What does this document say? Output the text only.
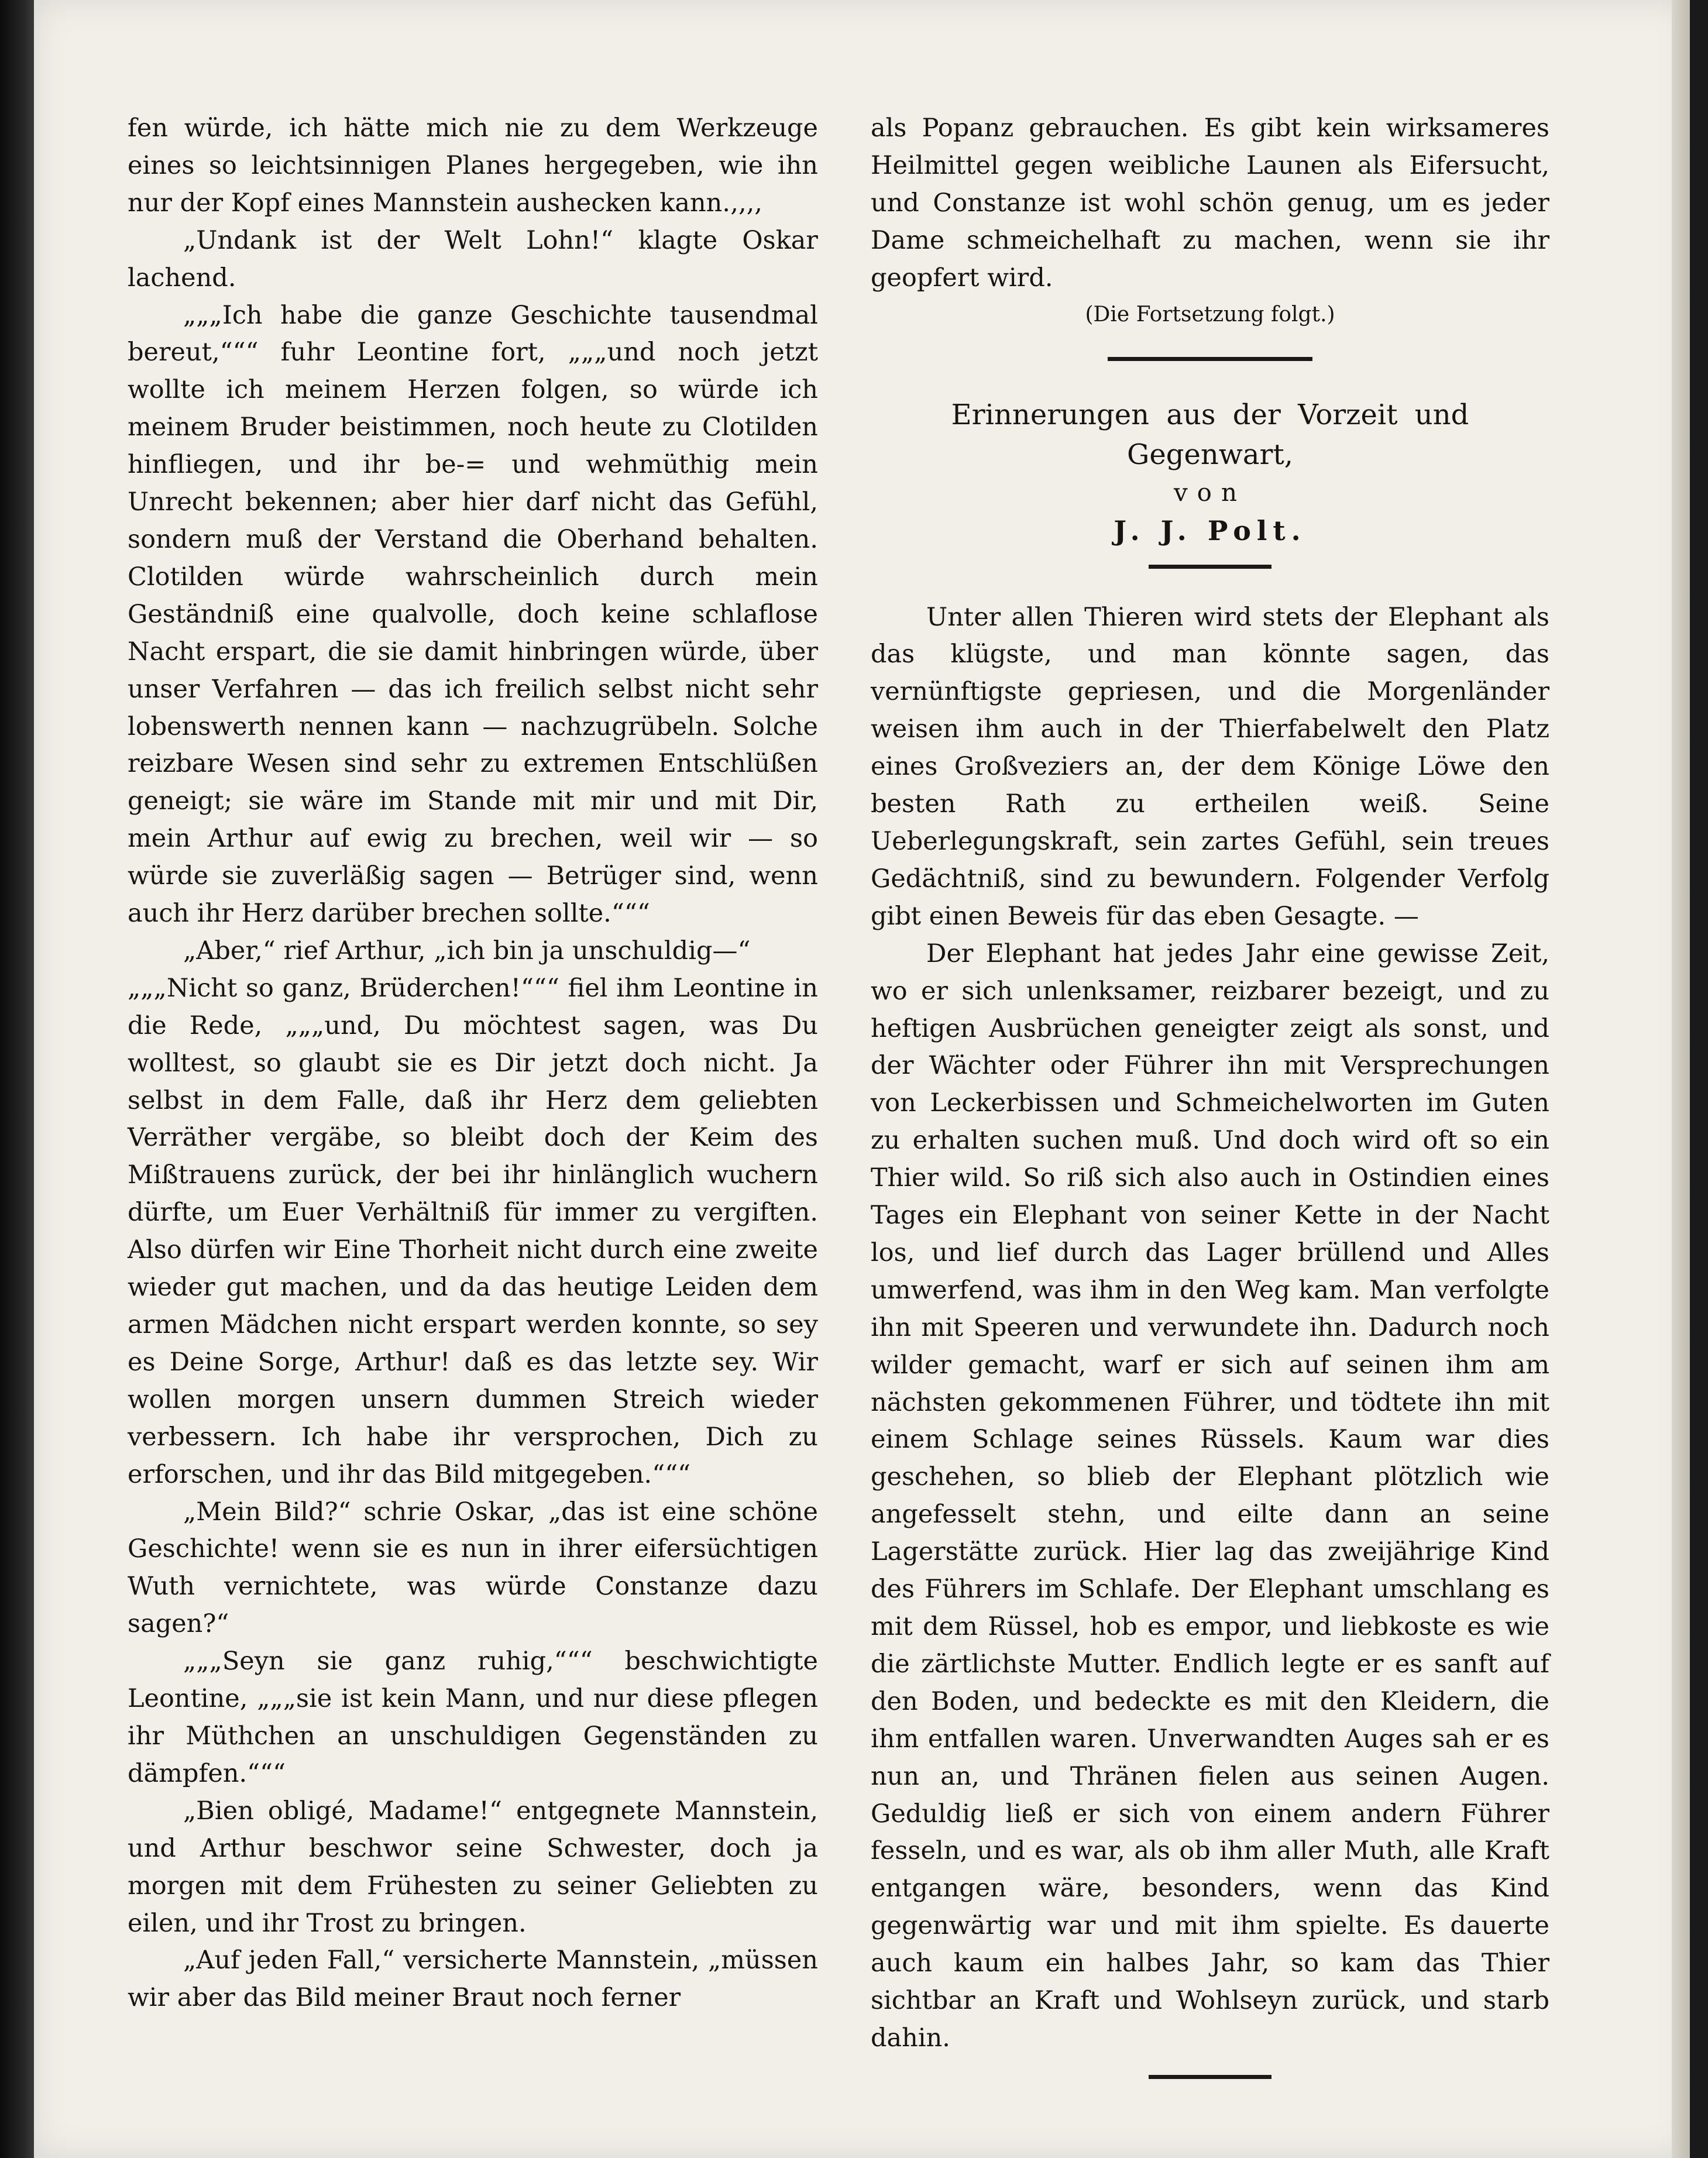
fen würde, ich hätte mich nie zu dem Werkzeuge eines so leichtsinnigen Planes hergegeben, wie ihn nur der Kopf eines Mannstein aushecken kann.‚‚‚‚

„Undank ist der Welt Lohn!“ klagte Oskar lachend.

„„„Ich habe die ganze Geschichte tausendmal bereut,“““ fuhr Leontine fort, „„„und noch jetzt wollte ich meinem Herzen folgen, so würde ich meinem Bruder beistimmen, noch heute zu Clotilden hinfliegen, und ihr be-= und wehmüthig mein Unrecht bekennen; aber hier darf nicht das Gefühl, sondern muß der Verstand die Oberhand behalten. Clotilden würde wahrscheinlich durch mein Geständniß eine qualvolle, doch keine schlaflose Nacht erspart, die sie damit hinbringen würde, über unser Verfahren — das ich freilich selbst nicht sehr lobenswerth nennen kann — nachzugrübeln. Solche reizbare Wesen sind sehr zu extremen Entschlüßen geneigt; sie wäre im Stande mit mir und mit Dir, mein Arthur auf ewig zu brechen, weil wir — so würde sie zuverläßig sagen — Betrüger sind, wenn auch ihr Herz darüber brechen sollte.“““

„Aber,“ rief Arthur, „ich bin ja unschuldig—“

„„„Nicht so ganz, Brüderchen!“““ fiel ihm Leontine in die Rede, „„„und, Du möchtest sagen, was Du wolltest, so glaubt sie es Dir jetzt doch nicht. Ja selbst in dem Falle, daß ihr Herz dem geliebten Verräther vergäbe, so bleibt doch der Keim des Mißtrauens zurück, der bei ihr hinlänglich wuchern dürfte, um Euer Verhältniß für immer zu vergiften. Also dürfen wir Eine Thorheit nicht durch eine zweite wieder gut machen, und da das heutige Leiden dem armen Mädchen nicht erspart werden konnte, so sey es Deine Sorge, Arthur! daß es das letzte sey. Wir wollen morgen unsern dummen Streich wieder verbessern. Ich habe ihr versprochen, Dich zu erforschen, und ihr das Bild mitgegeben.“““

„Mein Bild?“ schrie Oskar, „das ist eine schöne Geschichte! wenn sie es nun in ihrer eifersüchtigen Wuth vernichtete, was würde Constanze dazu sagen?“

„„„Seyn sie ganz ruhig,“““ beschwichtigte Leontine, „„„sie ist kein Mann, und nur diese pflegen ihr Müthchen an unschuldigen Gegenständen zu dämpfen.“““

„Bien obligé, Madame!“ entgegnete Mannstein, und Arthur beschwor seine Schwester, doch ja morgen mit dem Frühesten zu seiner Geliebten zu eilen, und ihr Trost zu bringen.

„Auf jeden Fall,“ versicherte Mannstein, „müssen wir aber das Bild meiner Braut noch ferner

als Popanz gebrauchen. Es gibt kein wirksameres Heilmittel gegen weibliche Launen als Eifersucht, und Constanze ist wohl schön genug, um es jeder Dame schmeichelhaft zu machen, wenn sie ihr geopfert wird.

(Die Fortsetzung folgt.)

Erinnerungen aus der Vorzeit und Gegenwart,

von

J. J. Polt.

Unter allen Thieren wird stets der Elephant als das klügste, und man könnte sagen, das vernünftigste gepriesen, und die Morgenländer weisen ihm auch in der Thierfabelwelt den Platz eines Großveziers an, der dem Könige Löwe den besten Rath zu ertheilen weiß. Seine Ueberlegungskraft, sein zartes Gefühl, sein treues Gedächtniß, sind zu bewundern. Folgender Verfolg gibt einen Beweis für das eben Gesagte. —

Der Elephant hat jedes Jahr eine gewisse Zeit, wo er sich unlenksamer, reizbarer bezeigt, und zu heftigen Ausbrüchen geneigter zeigt als sonst, und der Wächter oder Führer ihn mit Versprechungen von Leckerbissen und Schmeichelworten im Guten zu erhalten suchen muß. Und doch wird oft so ein Thier wild. So riß sich also auch in Ostindien eines Tages ein Elephant von seiner Kette in der Nacht los, und lief durch das Lager brüllend und Alles umwerfend, was ihm in den Weg kam. Man verfolgte ihn mit Speeren und verwundete ihn. Dadurch noch wilder gemacht, warf er sich auf seinen ihm am nächsten gekommenen Führer, und tödtete ihn mit einem Schlage seines Rüssels. Kaum war dies geschehen, so blieb der Elephant plötzlich wie angefesselt stehn, und eilte dann an seine Lagerstätte zurück. Hier lag das zweijährige Kind des Führers im Schlafe. Der Elephant umschlang es mit dem Rüssel, hob es empor, und liebkoste es wie die zärtlichste Mutter. Endlich legte er es sanft auf den Boden, und bedeckte es mit den Kleidern, die ihm entfallen waren. Unverwandten Auges sah er es nun an, und Thränen fielen aus seinen Augen. Geduldig ließ er sich von einem andern Führer fesseln, und es war, als ob ihm aller Muth, alle Kraft entgangen wäre, besonders, wenn das Kind gegenwärtig war und mit ihm spielte. Es dauerte auch kaum ein halbes Jahr, so kam das Thier sichtbar an Kraft und Wohlseyn zurück, und starb dahin.
